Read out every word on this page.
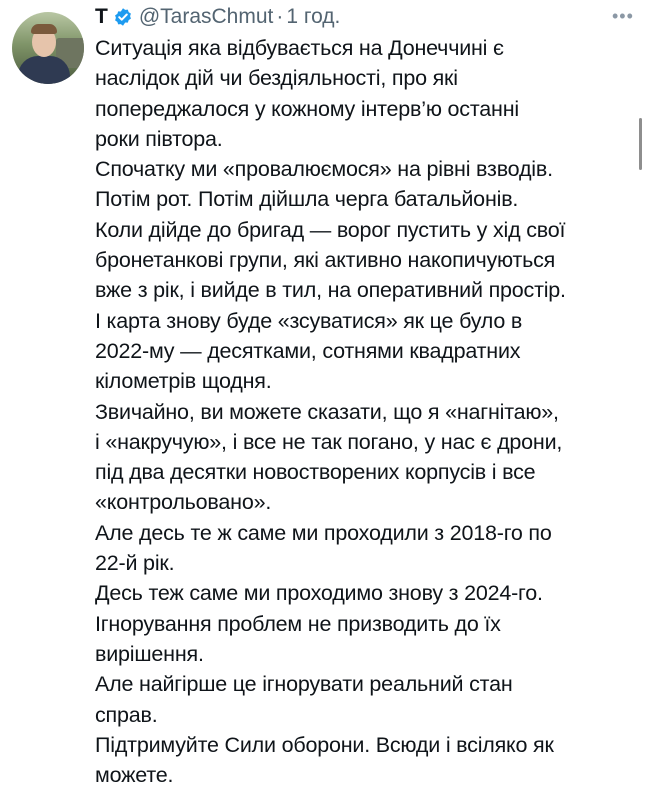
T @TarasChmut · 1 год.	•••
Ситуація яка відбувається на Донеччині є
наслідок дій чи бездіяльності, про які
попереджалося у кожному інтерв’ю останні
роки півтора.
Спочатку ми «провалюємося» на рівні взводів.
Потім рот. Потім дійшла черга батальйонів.
Коли дійде до бригад — ворог пустить у хід свої
бронетанкові групи, які активно накопичуються
вже з рік, і вийде в тил, на оперативний простір.
І карта знову буде «зсуватися» як це було в
2022-му — десятками, сотнями квадратних
кілометрів щодня.
Звичайно, ви можете сказати, що я «нагнітаю»,
і «накручую», і все не так погано, у нас є дрони,
під два десятки новостворених корпусів і все
«контрольовано».
Але десь те ж саме ми проходили з 2018-го по
22-й рік.
Десь теж саме ми проходимо знову з 2024-го.
Ігнорування проблем не призводить до їх
вирішення.
Але найгірше це ігнорувати реальний стан
справ.
Підтримуйте Сили оборони. Всюди і всіляко як
можете.
